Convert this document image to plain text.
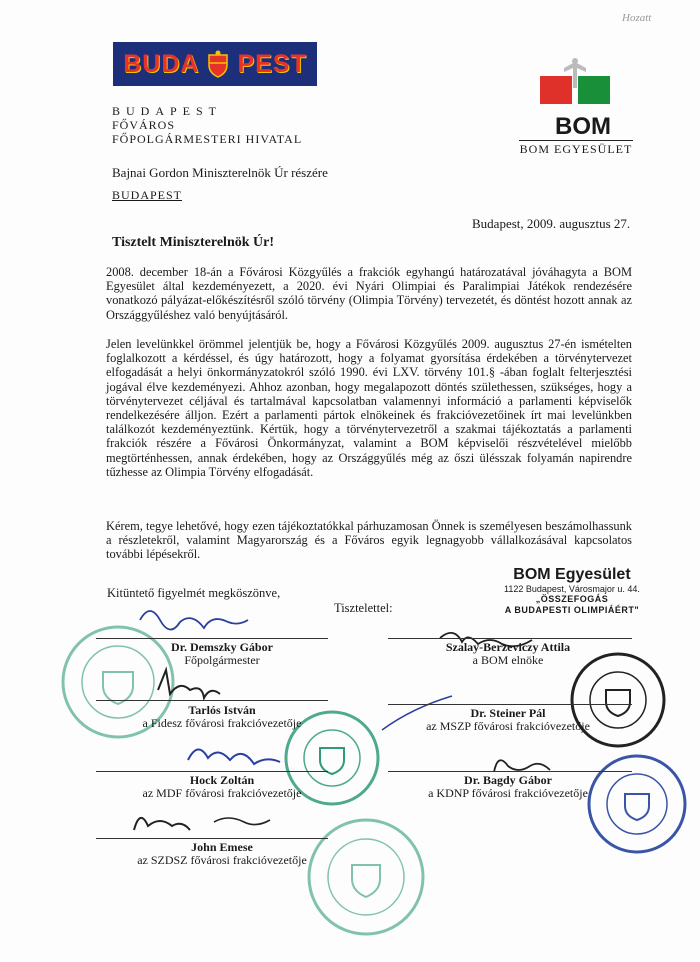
Hozatt
BUDA PEST
BUDAPEST
FŐVÁROS
FŐPOLGÁRMESTERI HIVATAL	BOM
BOM EGYESÜLET
Bajnai Gordon Miniszterelnök Úr részére
BUDAPEST
Budapest, 2009. augusztus 27.
Tisztelt Miniszterelnök Úr!

2008. december 18-án a Fővárosi Közgyűlés a frakciók egyhangú határozatával jóváhagyta a BOM Egyesület által kezdeményezett, a 2020. évi Nyári Olimpiai és Paralimpiai Játékok rendezésére vonatkozó pályázat-előkészítésről szóló törvény (Olimpia Törvény) tervezetét, és döntést hozott annak az Országgyűléshez való benyújtásáról.

Jelen levelünkkel örömmel jelentjük be, hogy a Fővárosi Közgyűlés 2009. augusztus 27-én ismételten foglalkozott a kérdéssel, és úgy határozott, hogy a folyamat gyorsítása érdekében a törvénytervezet elfogadását a helyi önkormányzatokról szóló 1990. évi LXV. törvény 101.§ -ában foglalt felterjesztési jogával élve kezdeményezi. Ahhoz azonban, hogy megalapozott döntés születhessen, szükséges, hogy a törvénytervezet céljával és tartalmával kapcsolatban valamennyi információ a parlamenti képviselők rendelkezésére álljon. Ezért a parlamenti pártok elnökeinek és frakcióvezetőinek írt mai levelünkben találkozót kezdeményeztünk. Kértük, hogy a törvénytervezetről a szakmai tájékoztatás a parlamenti frakciók részére a Fővárosi Önkormányzat, valamint a BOM képviselői részvételével mielőbb megtörténhessen, annak érdekében, hogy az Országgyűlés még az őszi ülésszak folyamán napirendre tűzhesse az Olimpia Törvény elfogadását.

Kérem, tegye lehetővé, hogy ezen tájékoztatókkal párhuzamosan Önnek is személyesen beszámolhassunk a részletekről, valamint Magyarország és a Főváros egyik legnagyobb vállalkozásával kapcsolatos további lépésekről.

Kitüntető figyelmét megköszönve,
Tisztelettel:
BOM Egyesület
1122 Budapest, Városmajor u. 44.
„ÖSSZEFOGÁS
A BUDAPESTI OLIMPIÁÉRT"
Dr. Demszky Gábor
Főpolgármester
Szalay-Berzeviczy Attila
a BOM elnöke
Tarlós István
a Fidesz fővárosi frakcióvezetője
Dr. Steiner Pál
az MSZP fővárosi frakcióvezetője
Hock Zoltán
az MDF fővárosi frakcióvezetője
Dr. Bagdy Gábor
a KDNP fővárosi frakcióvezetője
John Emese
az SZDSZ fővárosi frakcióvezetője
